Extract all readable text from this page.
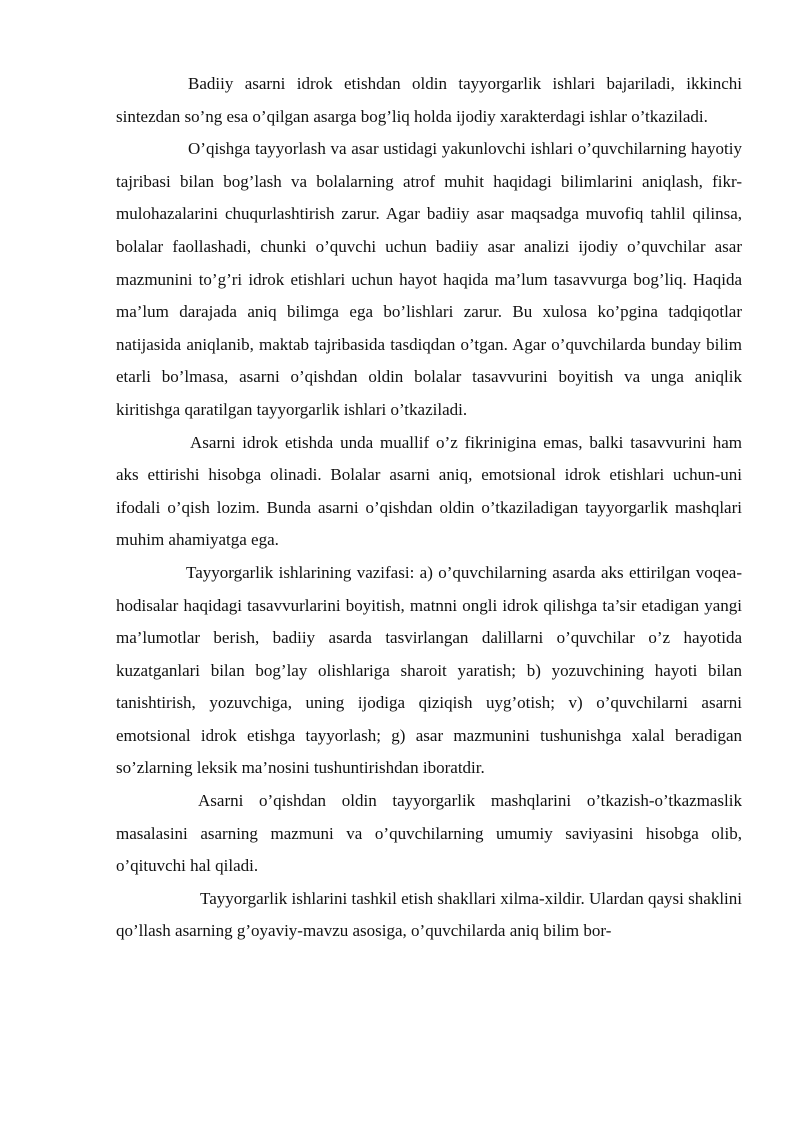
Badiiy asarni idrok etishdan oldin tayyorgarlik ishlari bajariladi, ikkinchi sintezdan so’ng esa o’qilgan asarga bog’liq holda ijodiy xarakterdagi ishlar o’tkaziladi.

O’qishga tayyorlash va asar ustidagi yakunlovchi ishlari o’quvchilarning hayotiy tajribasi bilan bog’lash va bolalarning atrof muhit haqidagi bilimlarini aniqlash, fikr-mulohazalarini chuqurlashtirish zarur. Agar badiiy asar maqsadga muvofiq tahlil qilinsa, bolalar faollashadi, chunki o’quvchi uchun badiiy asar analizi ijodiy o’quvchilar asar mazmunini to’g’ri idrok etishlari uchun hayot haqida ma’lum tasavvurga bog’liq. Haqida ma’lum darajada aniq bilimga ega bo’lishlari zarur. Bu xulosa ko’pgina tadqiqotlar natijasida aniqlanib, maktab tajribasida tasdiqdan o’tgan. Agar o’quvchilarda bunday bilim etarli bo’lmasa, asarni o’qishdan oldin bolalar tasavvurini boyitish va unga aniqlik kiritishga qaratilgan tayyorgarlik ishlari o’tkaziladi.

Asarni idrok etishda unda muallif o’z fikrinigina emas, balki tasavvurini ham aks ettirishi hisobga olinadi. Bolalar asarni aniq, emotsional idrok etishlari uchun-uni ifodali o’qish lozim. Bunda asarni o’qishdan oldin o’tkaziladigan tayyorgarlik mashqlari muhim ahamiyatga ega.

Tayyorgarlik ishlarining vazifasi: a) o’quvchilarning asarda aks ettirilgan voqea-hodisalar haqidagi tasavvurlarini boyitish, matnni ongli idrok qilishga ta’sir etadigan yangi ma’lumotlar berish, badiiy asarda tasvirlangan dalillarni o’quvchilar o’z hayotida kuzatganlari bilan bog’lay olishlariga sharoit yaratish; b) yozuvchining hayoti bilan tanishtirish, yozuvchiga, uning ijodiga qiziqish uyg’otish; v) o’quvchilarni asarni emotsional idrok etishga tayyorlash; g) asar mazmunini tushunishga xalal beradigan so’zlarning leksik ma’nosini tushuntirishdan iboratdir.

Asarni o’qishdan oldin tayyorgarlik mashqlarini o’tkazish-o’tkazmaslik masalasini asarning mazmuni va o’quvchilarning umumiy saviyasini hisobga olib, o’qituvchi hal qiladi.

Tayyorgarlik ishlarini tashkil etish shakllari xilma-xildir. Ulardan qaysi shaklini qo’llash asarning g’oyaviy-mavzu asosiga, o’quvchilarda aniq bilim bor-
